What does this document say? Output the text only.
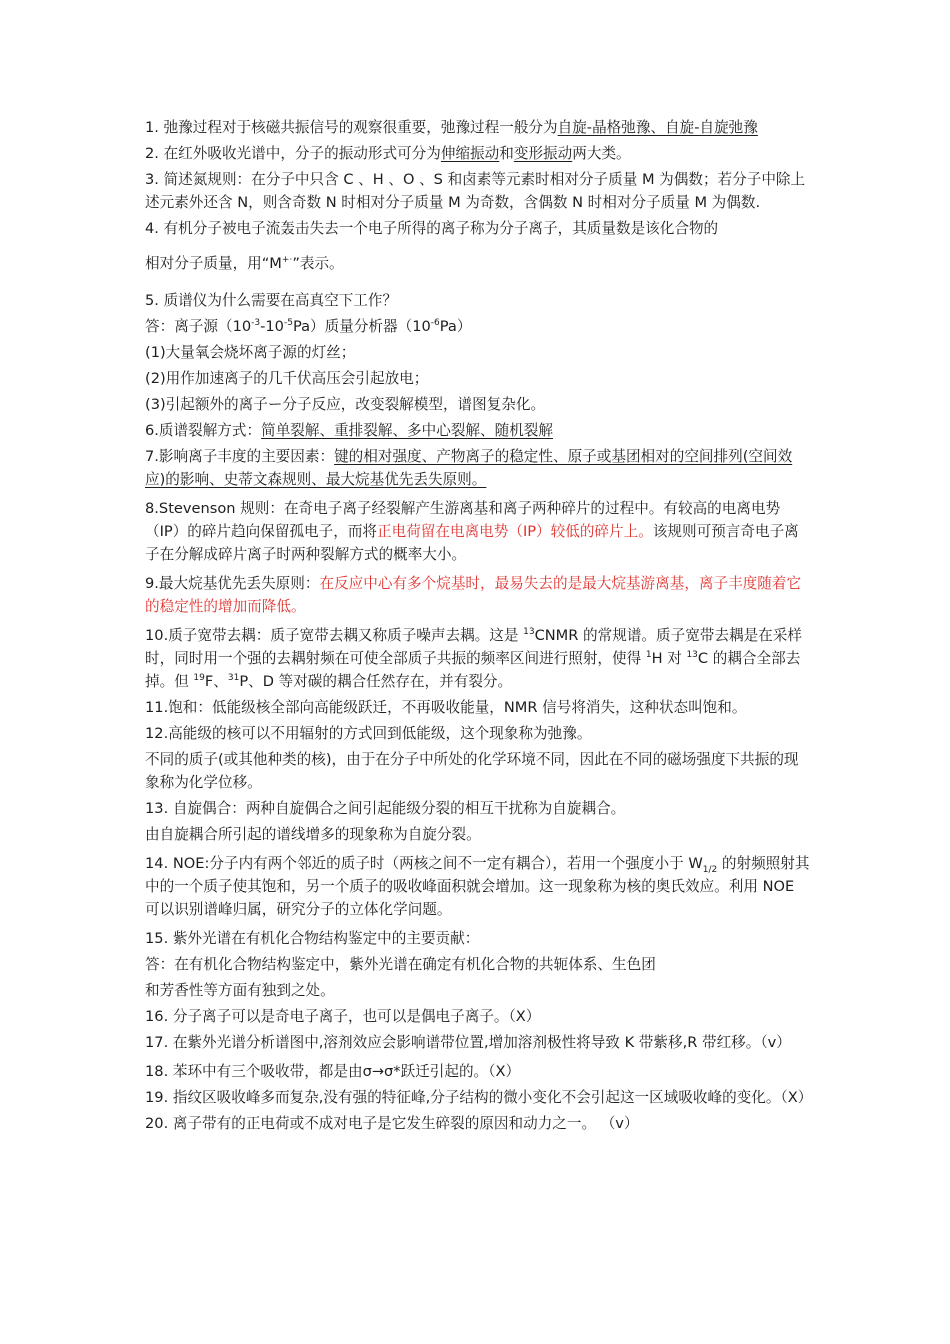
1. 弛豫过程对于核磁共振信号的观察很重要，弛豫过程一般分为自旋-晶格弛豫、自旋-自旋弛豫

2. 在红外吸收光谱中，分子的振动形式可分为伸缩振动和变形振动两大类。

3. 简述氮规则：在分子中只含 C 、H 、O 、S 和卤素等元素时相对分子质量 M 为偶数；若分子中除上述元素外还含 N，则含奇数 N 时相对分子质量 M 为奇数，含偶数 N 时相对分子质量 M 为偶数.

4. 有机分子被电子流轰击失去一个电子所得的离子称为分子离子，其质量数是该化合物的

相对分子质量，用“M+·”表示。

5. 质谱仪为什么需要在高真空下工作？

答：离子源$(10^{-3}-10^{-5}Pa)$质量分析器$(10^{-6}Pa)$

(1)大量氧会烧坏离子源的灯丝；

(2)用作加速离子的几千伏高压会引起放电；

(3)引起额外的离子ー分子反应，改变裂解模型，谱图复杂化。

6.质谱裂解方式：简单裂解、重排裂解、多中心裂解、随机裂解

7.影响离子丰度的主要因素：键的相对强度、产物离子的稳定性、原子或基团相对的空间排列(空间效应)的影响、史蒂文森规则、最大烷基优先丢失原则。

8.Stevenson 规则：在奇电子离子经裂解产生游离基和离子两种碎片的过程中。有较高的电离电势（IP）的碎片趋向保留孤电子，而将正电荷留在电离电势（IP）较低的碎片上。该规则可预言奇电子离子在分解成碎片离子时两种裂解方式的概率大小。

9.最大烷基优先丢失原则：在反应中心有多个烷基时，最易失去的是最大烷基游离基，离子丰度随着它的稳定性的增加而降低。

10.质子宽带去耦：质子宽带去耦又称质子噪声去耦。这是 $^{13}$CNMR 的常规谱。质子宽带去耦是在采样时，同时用一个强的去耦射频在可使全部质子共振的频率区间进行照射，使得 $^1$H 对 $^{13}$C 的耦合全部去掉。但 $^{19}$F、$^{31}$P、D 等对碳的耦合任然存在，并有裂分。

11.饱和：低能级核全部向高能级跃迁，不再吸收能量，NMR 信号将消失，这种状态叫饱和。

12.高能级的核可以不用辐射的方式回到低能级，这个现象称为弛豫。

不同的质子(或其他种类的核)，由于在分子中所处的化学环境不同，因此在不同的磁场强度下共振的现象称为化学位移。

13. 自旋偶合：两种自旋偶合之间引起能级分裂的相互干扰称为自旋耦合。

由自旋耦合所引起的谱线增多的现象称为自旋分裂。

14. NOE:分子内有两个邻近的质子时（两核之间不一定有耦合），若用一个强度小于 $W_{1/2}$ 的射频照射其中的一个质子使其饱和，另一个质子的吸收峰面积就会增加。这一现象称为核的奥氏效应。利用 NOE 可以识别谱峰归属，研究分子的立体化学问题。

15. 紫外光谱在有机化合物结构鉴定中的主要贡献：

答：在有机化合物结构鉴定中，紫外光谱在确定有机化合物的共轭体系、生色团

和芳香性等方面有独到之处。

16. 分子离子可以是奇电子离子，也可以是偶电子离子。（X）

17. 在紫外光谱分析谱图中,溶剂效应会影响谱带位置,增加溶剂极性将导致 K 带紫移,R 带红移。（v）

18. 苯环中有三个吸收带，都是由σ→σ*跃迁引起的。（X）

19. 指纹区吸收峰多而复杂,没有强的特征峰,分子结构的微小变化不会引起这一区域吸收峰的变化。（X）

20. 离子带有的正电荷或不成对电子是它发生碎裂的原因和动力之一。 （v）
